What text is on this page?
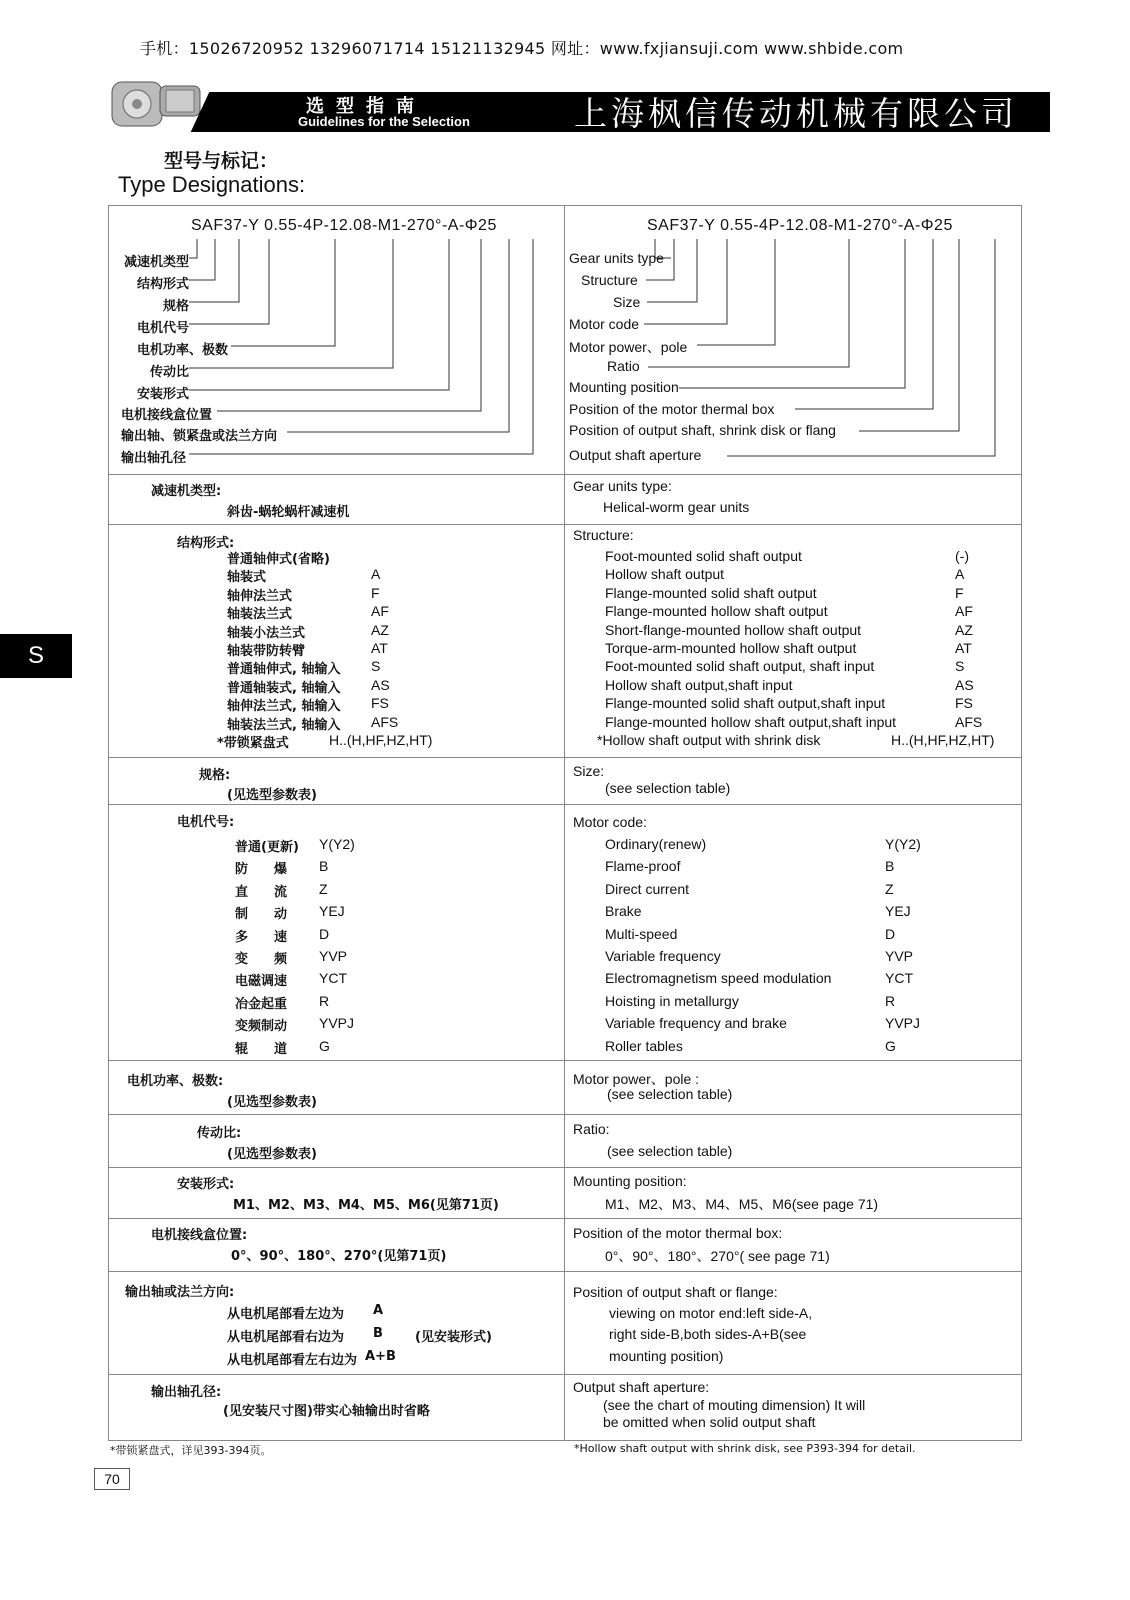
手机：15026720952 13296071714 15121132945 网址：www.fxjiansuji.com www.shbide.com
选型指南
Guidelines for the Selection	上海枫信传动机械有限公司
型号与标记：
Type Designations:
S
SAF37-Y 0.55-4P-12.08-M1-270°-A-Φ25	SAF37-Y 0.55-4P-12.08-M1-270°-A-Φ25
减速机类型
结构形式
规格
电机代号
电机功率、极数
传动比
安装形式
电机接线盒位置
输出轴、锁紧盘或法兰方向
输出轴孔径
Gear units type
Structure
Size
Motor code
Motor power、pole
Ratio
Mounting position
Position of the motor thermal box
Position of output shaft, shrink disk or flang
Output shaft aperture
减速机类型:
斜齿-蜗轮蜗杆减速机
Gear units type:
Helical-worm gear units
结构形式:
Structure:
普通轴伸式(省略)	Foot-mounted solid shaft output	(-)
轴装式	A	Hollow shaft output	A
轴伸法兰式	F	Flange-mounted solid shaft output	F
轴装法兰式	AF	Flange-mounted hollow shaft output	AF
轴装小法兰式	AZ	Short-flange-mounted hollow shaft output	AZ
轴装带防转臂	AT	Torque-arm-mounted hollow shaft output	AT
普通轴伸式, 轴输入 S	Foot-mounted solid shaft output, shaft input	S
普通轴装式, 轴输入 AS	Hollow shaft output,shaft input	AS
轴伸法兰式, 轴输入 FS	Flange-mounted solid shaft output,shaft input	FS
轴装法兰式, 轴输入 AFS	Flange-mounted hollow shaft output,shaft input	AFS
*带锁紧盘式	H..(H,HF,HZ,HT)	*Hollow shaft output with shrink disk	H..(H,HF,HZ,HT)
规格:
(见选型参数表)
Size:
(see selection table)
电机代号:	Motor code:
普通(更新) Y(Y2)	Ordinary(renew)	Y(Y2)
防　　爆 B	Flame-proof	B
直　　流 Z	Direct current	Z
制　　动 YEJ	Brake	YEJ
多　　速 D	Multi-speed	D
变　　频 YVP	Variable frequency	YVP
电磁调速 YCT	Electromagnetism speed modulation	YCT
冶金起重 R	Hoisting in metallurgy	R
变频制动 YVPJ	Variable frequency and brake	YVPJ
辊　　道 G	Roller tables	G
电机功率、极数:
(见选型参数表)
Motor power、pole :
(see selection table)
传动比:
(见选型参数表)
Ratio:
(see selection table)
安装形式:
M1、M2、M3、M4、M5、M6(见第71页)
Mounting position:
M1、M2、M3、M4、M5、M6(see page 71)
电机接线盒位置:
0°、90°、180°、270°(见第71页)
Position of the motor thermal box:
0°、90°、180°、270°( see page 71)
输出轴或法兰方向:
从电机尾部看左边为 A
从电机尾部看右边为 B (见安装形式)
从电机尾部看左右边为 A+B
Position of output shaft or flange:
viewing on motor end:left side-A,
right side-B,both sides-A+B(see
mounting position)
输出轴孔径:
(见安装尺寸图)带实心轴输出时省略
Output shaft aperture:
(see the chart of mouting dimension) It will
be omitted when solid output shaft
*带锁紧盘式，详见393-394页。	*Hollow shaft output with shrink disk, see P393-394 for detail.
70
